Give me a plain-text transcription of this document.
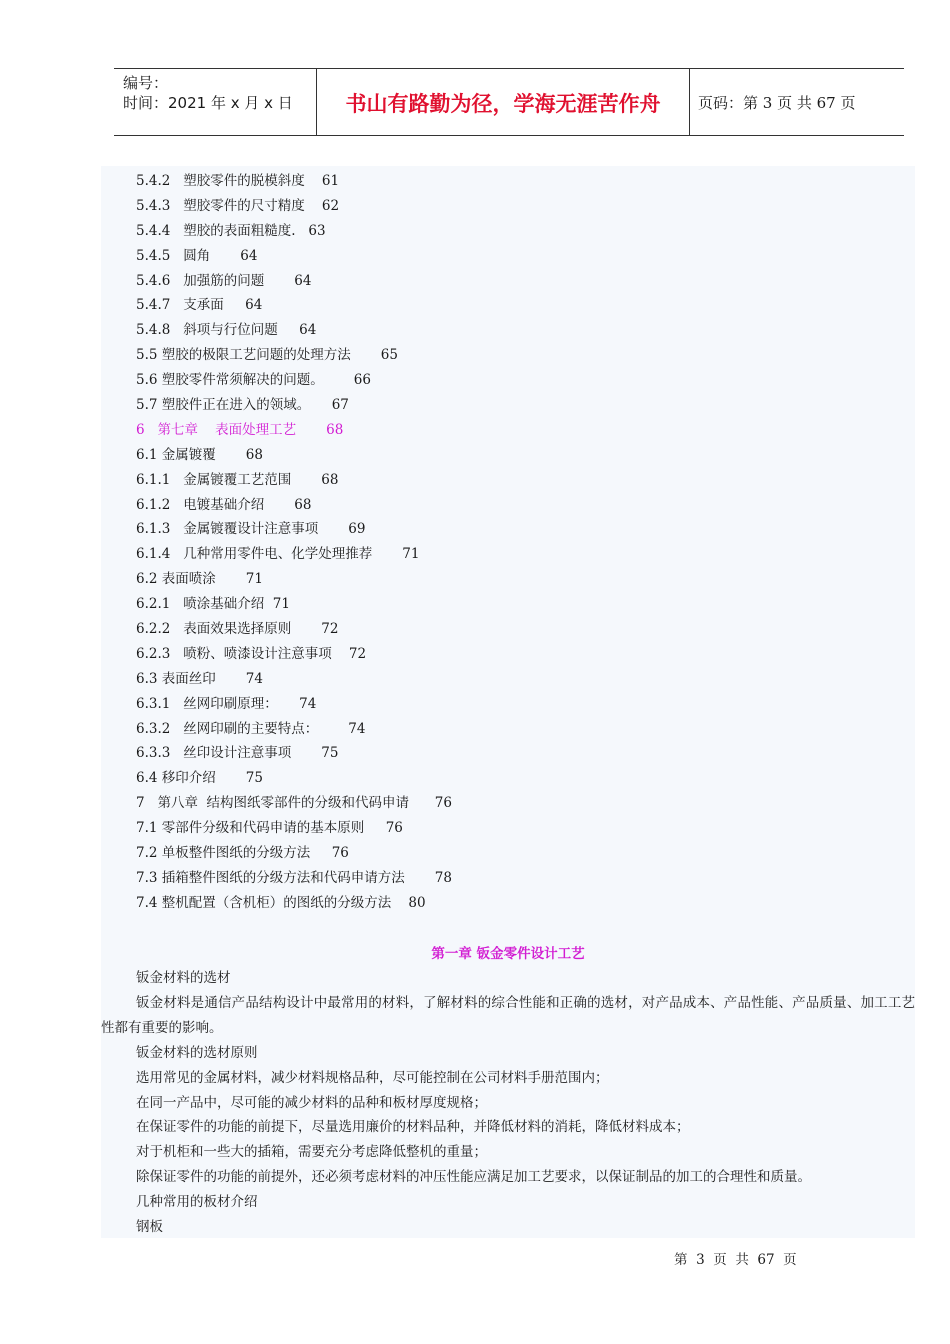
编号：
时间：2021 年 x 月 x 日	书山有路勤为径，学海无涯苦作舟	页码：第 3 页 共 67 页
5.4.2   塑胶零件的脱模斜度    61
5.4.3   塑胶零件的尺寸精度    62
5.4.4   塑胶的表面粗糙度.   63
5.4.5   圆角       64
5.4.6   加强筋的问题       64
5.4.7   支承面     64
5.4.8   斜项与行位问题     64
5.5 塑胶的极限工艺问题的处理方法       65
5.6 塑胶零件常须解决的问题。       66
5.7 塑胶件正在进入的领域。     67
6   第七章    表面处理工艺       68
6.1 金属镀覆       68
6.1.1   金属镀覆工艺范围       68
6.1.2   电镀基础介绍       68
6.1.3   金属镀覆设计注意事项       69
6.1.4   几种常用零件电、化学处理推荐       71
6.2 表面喷涂       71
6.2.1   喷涂基础介绍  71
6.2.2   表面效果选择原则       72
6.2.3   喷粉、喷漆设计注意事项    72
6.3 表面丝印       74
6.3.1   丝网印刷原理：     74
6.3.2   丝网印刷的主要特点：       74
6.3.3   丝印设计注意事项       75
6.4 移印介绍       75
7   第八章  结构图纸零部件的分级和代码申请      76
7.1 零部件分级和代码申请的基本原则     76
7.2 单板整件图纸的分级方法     76
7.3 插箱整件图纸的分级方法和代码申请方法       78
7.4 整机配置（含机柜）的图纸的分级方法    80
第一章 钣金零件设计工艺
钣金材料的选材
钣金材料是通信产品结构设计中最常用的材料，了解材料的综合性能和正确的选材，对产品成本、产品性能、产品质量、加工工艺性都有重要的影响。
钣金材料的选材原则
选用常见的金属材料，减少材料规格品种，尽可能控制在公司材料手册范围内；
在同一产品中，尽可能的减少材料的品种和板材厚度规格；
在保证零件的功能的前提下，尽量选用廉价的材料品种，并降低材料的消耗，降低材料成本；
对于机柜和一些大的插箱，需要充分考虑降低整机的重量；
除保证零件的功能的前提外，还必须考虑材料的冲压性能应满足加工艺要求，以保证制品的加工的合理性和质量。
几种常用的板材介绍
钢板
第  3  页  共  67  页
